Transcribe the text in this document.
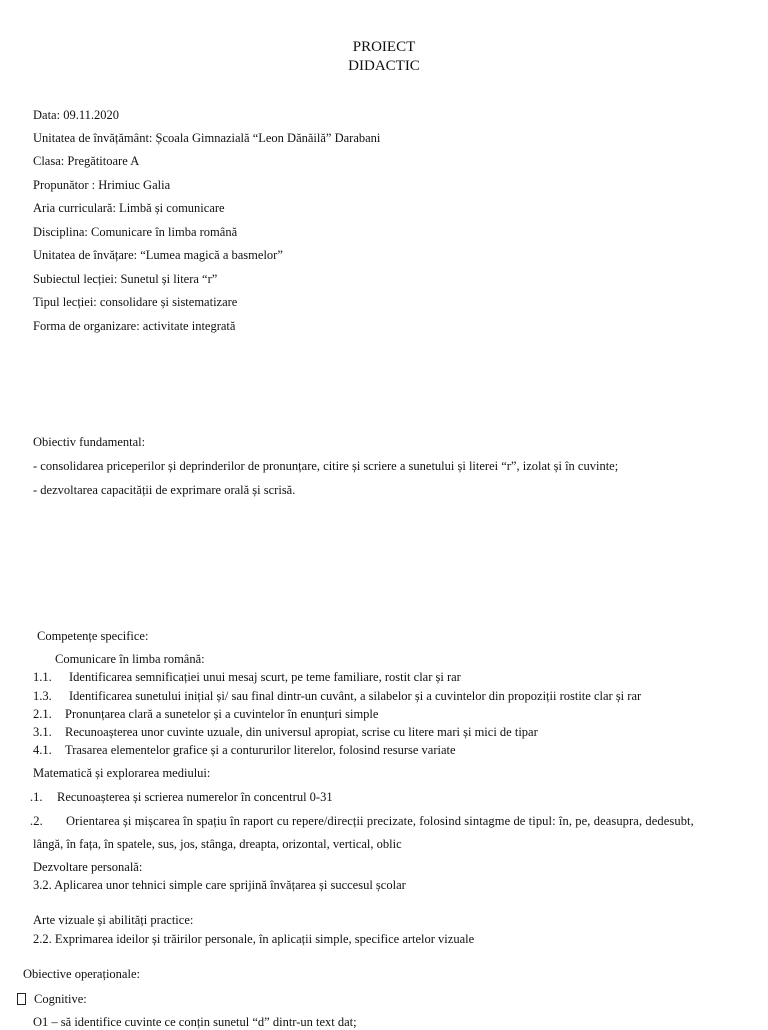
PROIECT
DIDACTIC
Data: 09.11.2020
Unitatea de învățământ: Școala Gimnazială “Leon Dănăilă” Darabani
Clasa: Pregătitoare A
Propunător : Hrimiuc Galia
Aria curriculară: Limbă și comunicare
Disciplina: Comunicare în limba română
Unitatea de învățare: “Lumea magică a basmelor”
Subiectul lecției: Sunetul și litera “r”
Tipul lecției: consolidare și sistematizare
Forma de organizare: activitate integrată
Obiectiv fundamental:
- consolidarea priceperilor și deprinderilor de pronunțare, citire și scriere a sunetului și literei “r”, izolat și în cuvinte;
- dezvoltarea capacității de exprimare orală și scrisă.
Competențe specifice:
Comunicare în limba română:
1.1. Identificarea semnificației unui mesaj scurt, pe teme familiare, rostit clar și rar
1.3. Identificarea sunetului inițial și/ sau final dintr-un cuvânt, a silabelor și a cuvintelor din propoziții rostite clar și rar
2.1. Pronunțarea clară a sunetelor și a cuvintelor în enunțuri simple
3.1. Recunoașterea unor cuvinte uzuale, din universul apropiat, scrise cu litere mari și mici de tipar
4.1. Trasarea elementelor grafice și a contururilor literelor, folosind resurse variate
Matematică și explorarea mediului:
.1. Recunoașterea și scrierea numerelor în concentrul 0-31
.2. Orientarea și mișcarea în spațiu în raport cu repere/direcții precizate, folosind sintagme de tipul: în, pe, deasupra, dedesubt,
lângă, în fața, în spatele, sus, jos, stânga, dreapta, orizontal, vertical, oblic
Dezvoltare personală:
3.2. Aplicarea unor tehnici simple care sprijină învățarea și succesul școlar
Arte vizuale și abilități practice:
2.2. Exprimarea ideilor și trăirilor personale, în aplicații simple, specifice artelor vizuale
Obiective operaționale:
Cognitive:
O1 – să identifice cuvinte ce conțin sunetul “d” dintr-un text dat;
